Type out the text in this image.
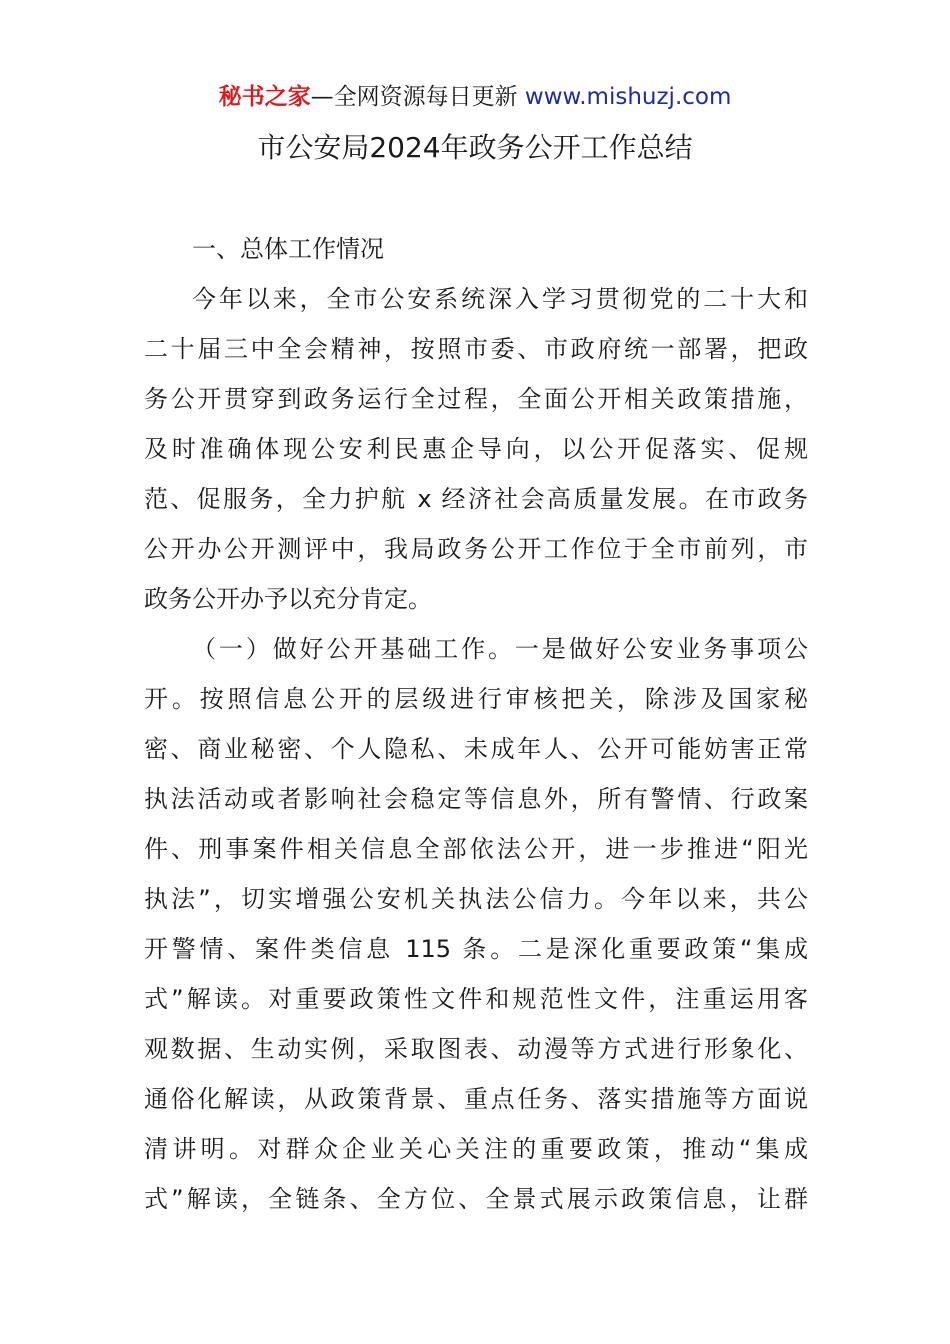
秘书之家—全网资源每日更新 www.mishuzj.com
市公安局2024年政务公开工作总结
一、总体工作情况
今年以来，全市公安系统深入学习贯彻党的二十大和
二十届三中全会精神，按照市委、市政府统一部署，把政
务公开贯穿到政务运行全过程，全面公开相关政策措施，
及时准确体现公安利民惠企导向，以公开促落实、促规
范、促服务，全力护航 x 经济社会高质量发展。在市政务
公开办公开测评中，我局政务公开工作位于全市前列，市
政务公开办予以充分肯定。
（一）做好公开基础工作。一是做好公安业务事项公
开。按照信息公开的层级进行审核把关，除涉及国家秘
密、商业秘密、个人隐私、未成年人、公开可能妨害正常
执法活动或者影响社会稳定等信息外，所有警情、行政案
件、刑事案件相关信息全部依法公开，进一步推进“阳光
执法”，切实增强公安机关执法公信力。今年以来，共公
开警情、案件类信息 115 条。二是深化重要政策“集成
式”解读。对重要政策性文件和规范性文件，注重运用客
观数据、生动实例，采取图表、动漫等方式进行形象化、
通俗化解读，从政策背景、重点任务、落实措施等方面说
清讲明。对群众企业关心关注的重要政策，推动“集成
式”解读，全链条、全方位、全景式展示政策信息，让群
